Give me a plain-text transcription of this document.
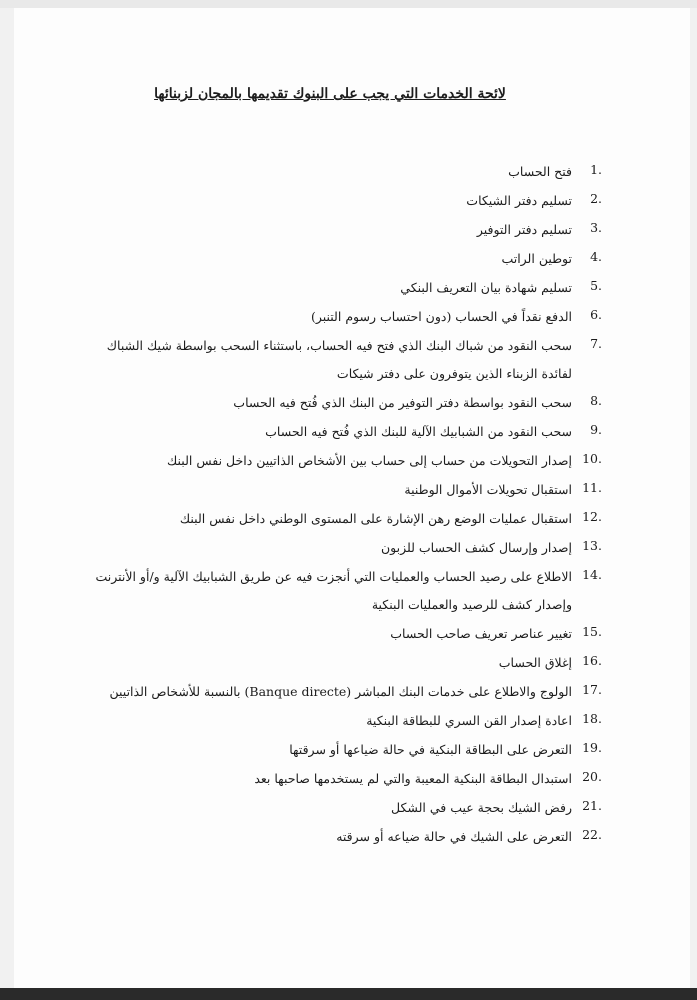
لائحة الخدمات التي يجب على البنوك تقديمها بالمجان لزبنائها
1.
فتح الحساب
2.
تسليم دفتر الشيكات
3.
تسليم دفتر التوفير
4.
توطين الراتب
5.
تسليم شهادة بيان التعريف البنكي
6.
الدفع نقداً في الحساب (دون احتساب رسوم التنبر)
7.
سحب النقود من شباك البنك الذي فتح فيه الحساب، باستثناء السحب بواسطة شيك الشباك
لفائدة الزبناء الذين يتوفرون على دفتر شيكات
8.
سحب النقود بواسطة دفتر التوفير من البنك الذي فُتح فيه الحساب
9.
سحب النقود من الشبابيك الآلية للبنك الذي فُتح فيه الحساب
10.
إصدار التحويلات من حساب إلى حساب بين الأشخاص الذاتيين داخل نفس البنك
11.
استقبال تحويلات الأموال الوطنية
12.
استقبال عمليات الوضع رهن الإشارة على المستوى الوطني داخل نفس البنك
13.
إصدار وإرسال كشف الحساب للزبون
14.
الاطلاع على رصيد الحساب والعمليات التي أنجزت فيه عن طريق الشبابيك الآلية و/أو الأنترنت
وإصدار كشف للرصيد والعمليات البنكية
15.
تغيير عناصر تعريف صاحب الحساب
16.
إغلاق الحساب
17.
الولوج والاطلاع على خدمات البنك المباشر (Banque directe) بالنسبة للأشخاص الذاتيين
18.
اعادة إصدار القن السري للبطاقة البنكية
19.
التعرض على البطاقة البنكية في حالة ضياعها أو سرقتها
20.
استبدال البطاقة البنكية المعيبة والتي لم يستخدمها صاحبها بعد
21.
رفض الشيك بحجة عيب في الشكل
22.
التعرض على الشيك في حالة ضياعه أو سرقته
